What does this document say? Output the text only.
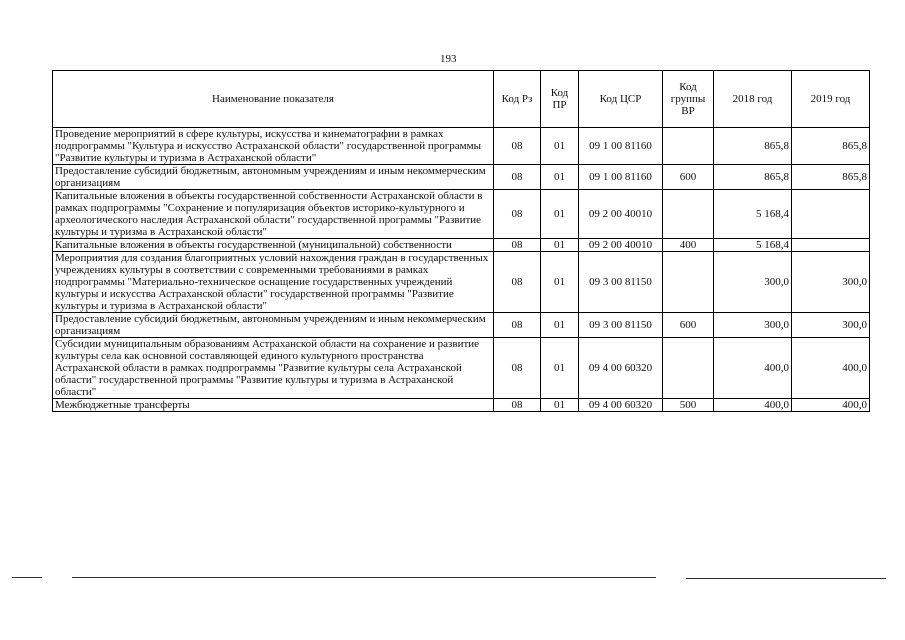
193
Наименование показателя	Код Рз	Код ПР	Код ЦСР	Код группы ВР	2018 год	2019 год
Проведение мероприятий в сфере культуры, искусства и кинематографии в рамках подпрограммы "Культура и искусство Астраханской области" государственной программы "Развитие культуры и туризма в Астраханской области"	08	01	09 1 00 81160		865,8	865,8
Предоставление субсидий бюджетным, автономным учреждениям и иным некоммерческим организациям	08	01	09 1 00 81160	600	865,8	865,8
Капитальные вложения в объекты государственной собственности Астраханской области в рамках подпрограммы "Сохранение и популяризация объектов историко-культурного и археологического наследия Астраханской области" государственной программы "Развитие культуры и туризма в Астраханской области"	08	01	09 2 00 40010		5 168,4	
Капитальные вложения в объекты государственной (муниципальной) собственности	08	01	09 2 00 40010	400	5 168,4	
Мероприятия для создания благоприятных условий нахождения граждан в государственных учреждениях культуры в соответствии с современными требованиями в рамках подпрограммы "Материально-техническое оснащение государственных учреждений культуры и искусства Астраханской области" государственной программы "Развитие культуры и туризма в Астраханской области"	08	01	09 3 00 81150		300,0	300,0
Предоставление субсидий бюджетным, автономным учреждениям и иным некоммерческим организациям	08	01	09 3 00 81150	600	300,0	300,0
Субсидии муниципальным образованиям Астраханской области на сохранение и развитие культуры села как основной составляющей единого культурного пространства Астраханской области в рамках подпрограммы "Развитие культуры села Астраханской области" государственной программы "Развитие культуры и туризма в Астраханской области"	08	01	09 4 00 60320		400,0	400,0
Межбюджетные трансферты	08	01	09 4 00 60320	500	400,0	400,0
